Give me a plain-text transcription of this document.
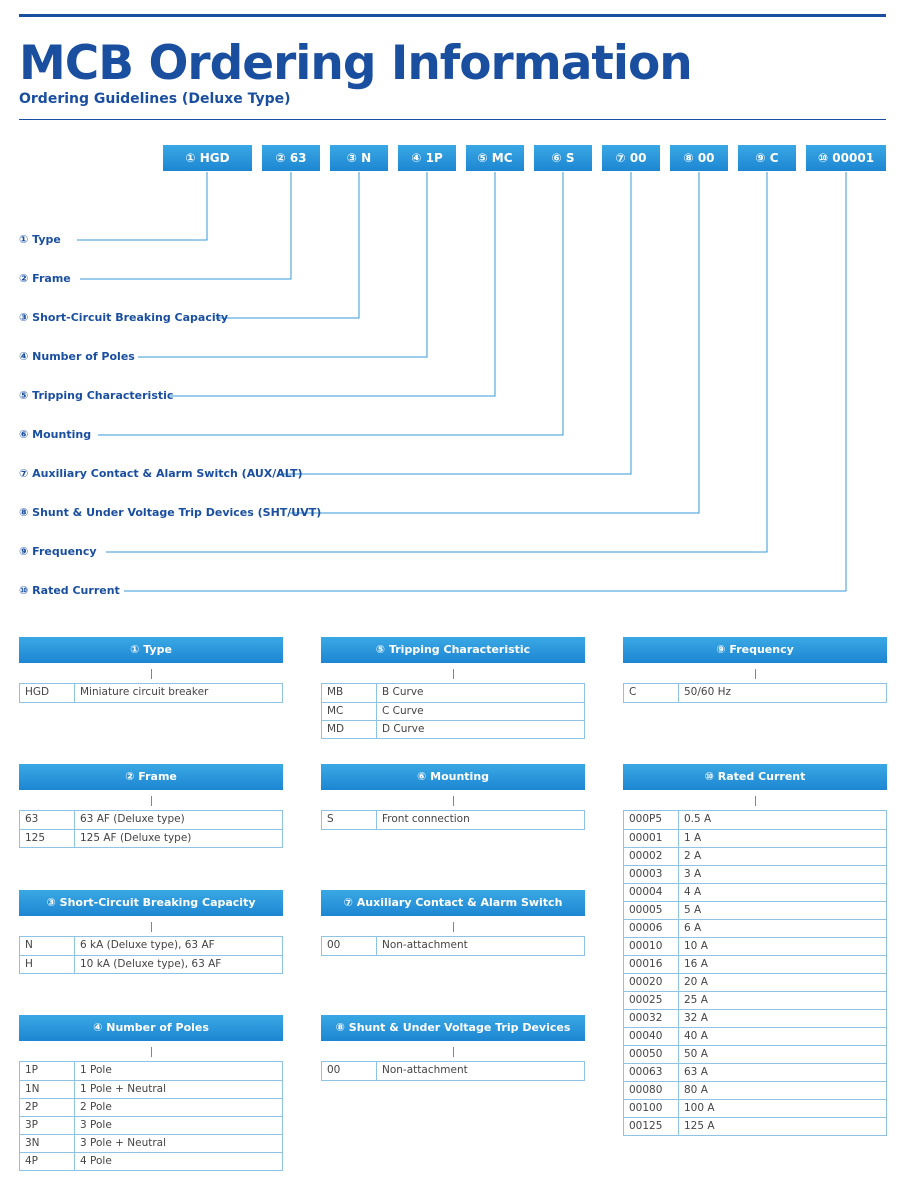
MCB Ordering Information
Ordering Guidelines (Deluxe Type)
① HGD	② 63	③ N	④ 1P	⑤ MC	⑥ S	⑦ 00	⑧ 00	⑨ C	⑩ 00001
① Type
② Frame
③ Short-Circuit Breaking Capacity
④ Number of Poles
⑤ Tripping Characteristic
⑥ Mounting
⑦ Auxiliary Contact & Alarm Switch (AUX/ALT)
⑧ Shunt & Under Voltage Trip Devices (SHT/UVT)
⑨ Frequency
⑩ Rated Current
① Type
HGD	Miniature circuit breaker
② Frame
63	63 AF (Deluxe type)
125	125 AF (Deluxe type)
③ Short-Circuit Breaking Capacity
N	6 kA (Deluxe type), 63 AF
H	10 kA (Deluxe type), 63 AF
④ Number of Poles
1P	1 Pole
1N	1 Pole + Neutral
2P	2 Pole
3P	3 Pole
3N	3 Pole + Neutral
4P	4 Pole
⑤ Tripping Characteristic
MB	B Curve
MC	C Curve
MD	D Curve
⑥ Mounting
S	Front connection
⑦ Auxiliary Contact & Alarm Switch
00	Non-attachment
⑧ Shunt & Under Voltage Trip Devices
00	Non-attachment
⑨ Frequency
C	50/60 Hz
⑩ Rated Current
000P5	0.5 A
00001	1 A
00002	2 A
00003	3 A
00004	4 A
00005	5 A
00006	6 A
00010	10 A
00016	16 A
00020	20 A
00025	25 A
00032	32 A
00040	40 A
00050	50 A
00063	63 A
00080	80 A
00100	100 A
00125	125 A
